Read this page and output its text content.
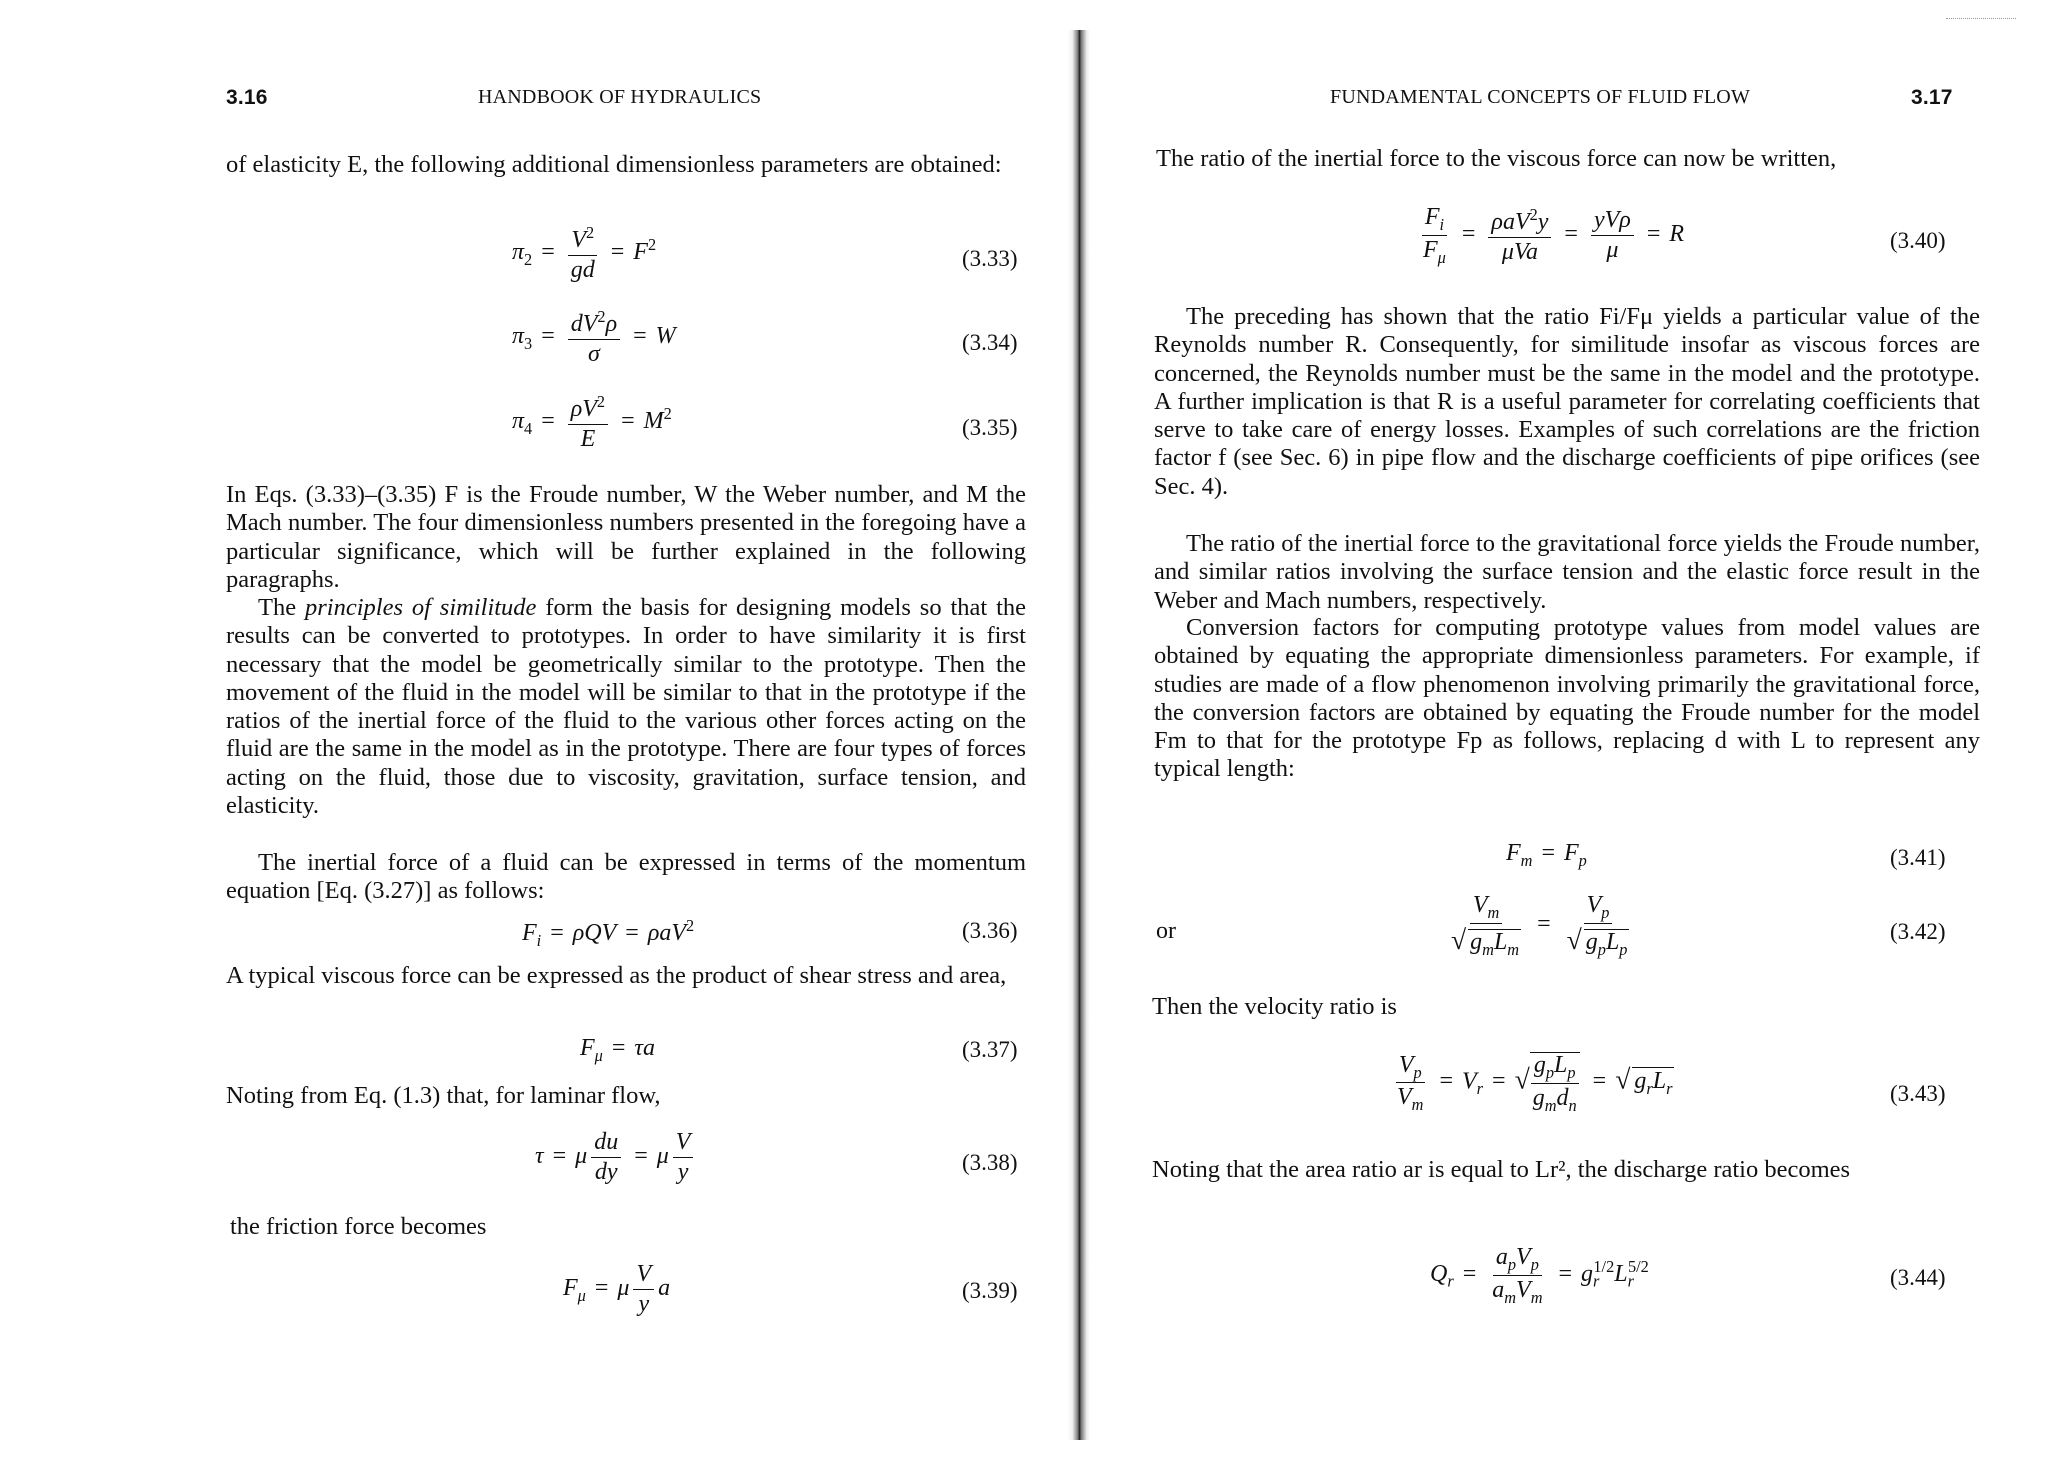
3.16	HANDBOOK OF HYDRAULICS

of elasticity E, the following additional dimensionless parameters are obtained:

$\pi_2 = \frac{V^2}{gd} = F^2$
(3.33)
$\pi_3 = \frac{dV^2\rho}{\sigma} = W$	(3.34)
$\pi_4 = \frac{\rho V^2}{E} = M^2$
(3.35)

In Eqs. (3.33)–(3.35) F is the Froude number, W the Weber number, and M the Mach number. The four dimensionless numbers presented in the foregoing have a particular significance, which will be further explained in the following paragraphs.

The principles of similitude form the basis for designing models so that the results can be converted to prototypes. In order to have similarity it is first necessary that the model be geometrically similar to the prototype. Then the movement of the fluid in the model will be similar to that in the prototype if the ratios of the inertial force of the fluid to the various other forces acting on the fluid are the same in the model as in the prototype. There are four types of forces acting on the fluid, those due to viscosity, gravitation, surface tension, and elasticity.

The inertial force of a fluid can be expressed in terms of the momentum equation [Eq. (3.27)] as follows:

$F_i = \rho QV = \rho aV^2$	(3.36)

A typical viscous force can be expressed as the product of shear stress and area,

$F_\mu = \tau a$	(3.37)

Noting from Eq. (1.3) that, for laminar flow,

τ = μ $\frac{du}{dy} = \mu \frac{V}{y}$	(3.38)

the friction force becomes

$F_\mu = \mu \frac{V}{y}$ a	(3.39)
FUNDAMENTAL CONCEPTS OF FLUID FLOW	3.17

The ratio of the inertial force to the viscous force can now be written,

$\frac{F_i}{F_\mu} = \frac{\rho aV^2y}{\text{μVa}} = \frac{\text{yVρ}}{\mu} = R$	(3.40)

The preceding has shown that the ratio Fi/Fμ yields a particular value of the Reynolds number R. Consequently, for similitude insofar as viscous forces are concerned, the Reynolds number must be the same in the model and the prototype. A further implication is that R is a useful parameter for correlating coefficients that serve to take care of energy losses. Examples of such correlations are the friction factor f (see Sec. 6) in pipe flow and the discharge coefficients of pipe orifices (see Sec. 4).

The ratio of the inertial force to the gravitational force yields the Froude number, and similar ratios involving the surface tension and the elastic force result in the Weber and Mach numbers, respectively.

Conversion factors for computing prototype values from model values are obtained by equating the appropriate dimensionless parameters. For example, if studies are made of a flow phenomenon involving primarily the gravitational force, the conversion factors are obtained by equating the Froude number for the model Fm to that for the prototype Fp as follows, replacing d with L to represent any typical length:

$F_m = F_p$	(3.41)
or	$\frac{V_m}{√ g_mL_m} = \frac{V_p}{√ g_pL_p}$	(3.42)

Then the velocity ratio is

$\frac{V_p}{V_m} = V_r$ = √ $\frac{g_pL_p}{g_md_n}$ = √ $g_rL_r$	(3.43)

Noting that the area ratio ar is equal to Lr², the discharge ratio becomes

$Q_r = \frac{a_pV_p}{a_mV_m} = g_r^{1/2}L_r^{5/2}$	(3.44)
